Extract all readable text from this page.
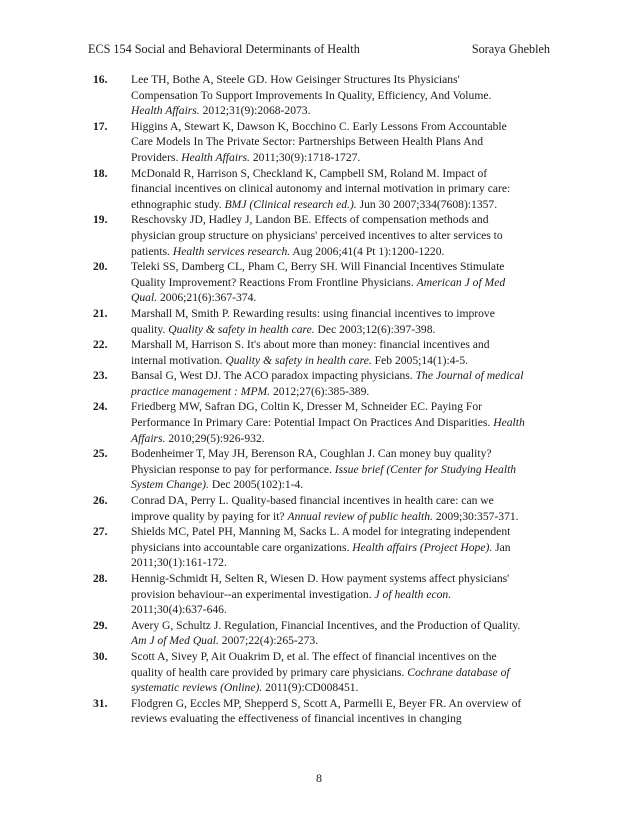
ECS 154 Social and Behavioral Determinants of Health	Soraya Ghebleh
16. Lee TH, Bothe A, Steele GD. How Geisinger Structures Its Physicians' Compensation To Support Improvements In Quality, Efficiency, And Volume. Health Affairs. 2012;31(9):2068-2073.
17. Higgins A, Stewart K, Dawson K, Bocchino C. Early Lessons From Accountable Care Models In The Private Sector: Partnerships Between Health Plans And Providers. Health Affairs. 2011;30(9):1718-1727.
18. McDonald R, Harrison S, Checkland K, Campbell SM, Roland M. Impact of financial incentives on clinical autonomy and internal motivation in primary care: ethnographic study. BMJ (Clinical research ed.). Jun 30 2007;334(7608):1357.
19. Reschovsky JD, Hadley J, Landon BE. Effects of compensation methods and physician group structure on physicians' perceived incentives to alter services to patients. Health services research. Aug 2006;41(4 Pt 1):1200-1220.
20. Teleki SS, Damberg CL, Pham C, Berry SH. Will Financial Incentives Stimulate Quality Improvement? Reactions From Frontline Physicians. American J of Med Qual. 2006;21(6):367-374.
21. Marshall M, Smith P. Rewarding results: using financial incentives to improve quality. Quality & safety in health care. Dec 2003;12(6):397-398.
22. Marshall M, Harrison S. It's about more than money: financial incentives and internal motivation. Quality & safety in health care. Feb 2005;14(1):4-5.
23. Bansal G, West DJ. The ACO paradox impacting physicians. The Journal of medical practice management : MPM. 2012;27(6):385-389.
24. Friedberg MW, Safran DG, Coltin K, Dresser M, Schneider EC. Paying For Performance In Primary Care: Potential Impact On Practices And Disparities. Health Affairs. 2010;29(5):926-932.
25. Bodenheimer T, May JH, Berenson RA, Coughlan J. Can money buy quality? Physician response to pay for performance. Issue brief (Center for Studying Health System Change). Dec 2005(102):1-4.
26. Conrad DA, Perry L. Quality-based financial incentives in health care: can we improve quality by paying for it? Annual review of public health. 2009;30:357-371.
27. Shields MC, Patel PH, Manning M, Sacks L. A model for integrating independent physicians into accountable care organizations. Health affairs (Project Hope). Jan 2011;30(1):161-172.
28. Hennig-Schmidt H, Selten R, Wiesen D. How payment systems affect physicians' provision behaviour--an experimental investigation. J of health econ. 2011;30(4):637-646.
29. Avery G, Schultz J. Regulation, Financial Incentives, and the Production of Quality. Am J of Med Qual. 2007;22(4):265-273.
30. Scott A, Sivey P, Ait Ouakrim D, et al. The effect of financial incentives on the quality of health care provided by primary care physicians. Cochrane database of systematic reviews (Online). 2011(9):CD008451.
31. Flodgren G, Eccles MP, Shepperd S, Scott A, Parmelli E, Beyer FR. An overview of reviews evaluating the effectiveness of financial incentives in changing
8
